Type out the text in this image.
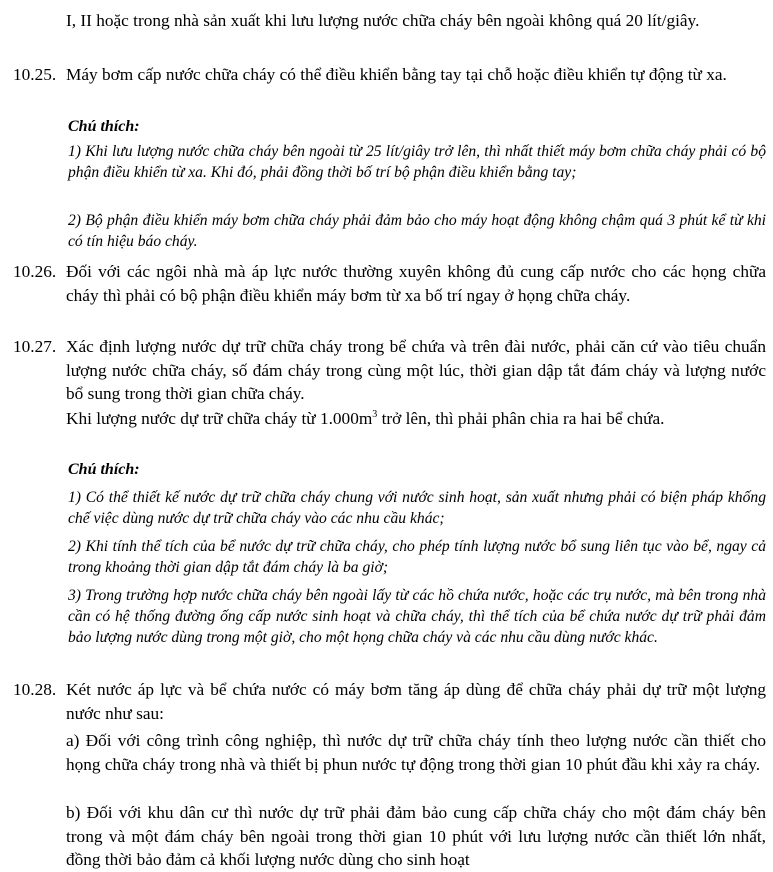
I, II hoặc trong nhà sản xuất khi lưu lượng nước chữa cháy bên ngoài không quá 20 lít/giây.
10.25. Máy bơm cấp nước chữa cháy có thể điều khiển bằng tay tại chỗ hoặc điều khiển tự động từ xa.
Chú thích:
1) Khi lưu lượng nước chữa cháy bên ngoài từ 25 lít/giây trở lên, thì nhất thiết máy bơm chữa cháy phải có bộ phận điều khiển từ xa. Khi đó, phải đồng thời bố trí bộ phận điều khiển bằng tay;
2) Bộ phận điều khiển máy bơm chữa cháy phải đảm bảo cho máy hoạt động không chậm quá 3 phút kể từ khi có tín hiệu báo cháy.
10.26. Đối với các ngôi nhà mà áp lực nước thường xuyên không đủ cung cấp nước cho các họng chữa cháy thì phải có bộ phận điều khiển máy bơm từ xa bố trí ngay ở họng chữa cháy.
10.27. Xác định lượng nước dự trữ chữa cháy trong bể chứa và trên đài nước, phải căn cứ vào tiêu chuẩn lượng nước chữa cháy, số đám cháy trong cùng một lúc, thời gian dập tắt đám cháy và lượng nước bổ sung trong thời gian chữa cháy.
Khi lượng nước dự trữ chữa cháy từ $1.000m^3$ trở lên, thì phải phân chia ra hai bể chứa.
Chú thích:
1) Có thể thiết kế nước dự trữ chữa cháy chung với nước sinh hoạt, sản xuất nhưng phải có biện pháp khống chế việc dùng nước dự trữ chữa cháy vào các nhu cầu khác;
2) Khi tính thể tích của bể nước dự trữ chữa cháy, cho phép tính lượng nước bổ sung liên tục vào bể, ngay cả trong khoảng thời gian dập tắt đám cháy là ba giờ;
3) Trong trường hợp nước chữa cháy bên ngoài lấy từ các hồ chứa nước, hoặc các trụ nước, mà bên trong nhà cần có hệ thống đường ống cấp nước sinh hoạt và chữa cháy, thì thể tích của bể chứa nước dự trữ phải đảm bảo lượng nước dùng trong một giờ, cho một họng chữa cháy và các nhu cầu dùng nước khác.
10.28. Két nước áp lực và bể chứa nước có máy bơm tăng áp dùng để chữa cháy phải dự trữ một lượng nước như sau:
a) Đối với công trình công nghiệp, thì nước dự trữ chữa cháy tính theo lượng nước cần thiết cho họng chữa cháy trong nhà và thiết bị phun nước tự động trong thời gian 10 phút đầu khi xảy ra cháy.
b) Đối với khu dân cư thì nước dự trữ phải đảm bảo cung cấp chữa cháy cho một đám cháy bên trong và một đám cháy bên ngoài trong thời gian 10 phút với lưu lượng nước cần thiết lớn nhất, đồng thời bảo đảm cả khối lượng nước dùng cho sinh hoạt
